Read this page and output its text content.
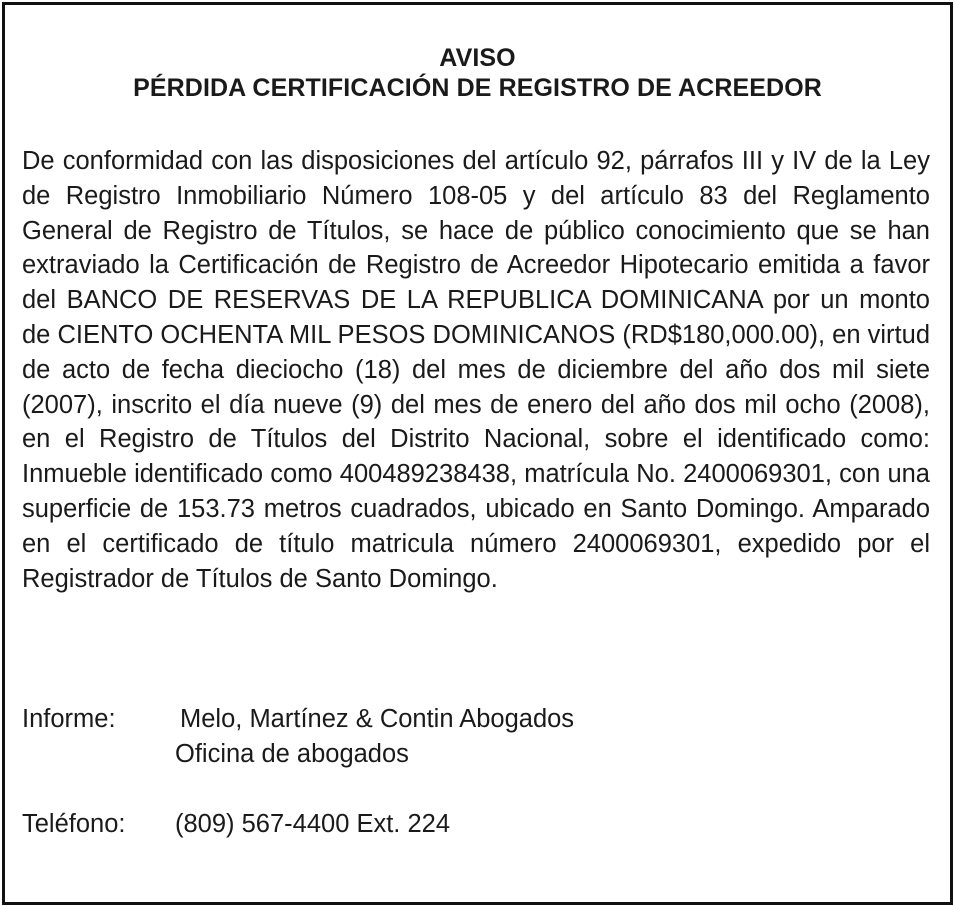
AVISO
PÉRDIDA CERTIFICACIÓN DE REGISTRO DE ACREEDOR

De conformidad con las disposiciones del artículo 92, párrafos III y IV de la Ley de Registro Inmobiliario Número 108-05 y del artículo 83 del Reglamento General de Registro de Títulos, se hace de público conocimiento que se han extraviado la Certificación de Registro de Acreedor Hipotecario emitida a favor del BANCO DE RESERVAS DE LA REPUBLICA DOMINICANA por un monto de CIENTO OCHENTA MIL PESOS DOMINICANOS (RD$180,000.00), en virtud de acto de fecha dieciocho (18) del mes de diciembre del año dos mil siete (2007), inscrito el día nueve (9) del mes de enero del año dos mil ocho (2008), en el Registro de Títulos del Distrito Nacional, sobre el identificado como: Inmueble identificado como 400489238438, matrícula No. 2400069301, con una superficie de 153.73 metros cuadrados, ubicado en Santo Domingo. Amparado en el certificado de título matricula número 2400069301, expedido por el Registrador de Títulos de Santo Domingo.

Informe:	Melo, Martínez & Contin Abogados
Oficina de abogados
Teléfono: (809) 567-4400 Ext. 224
